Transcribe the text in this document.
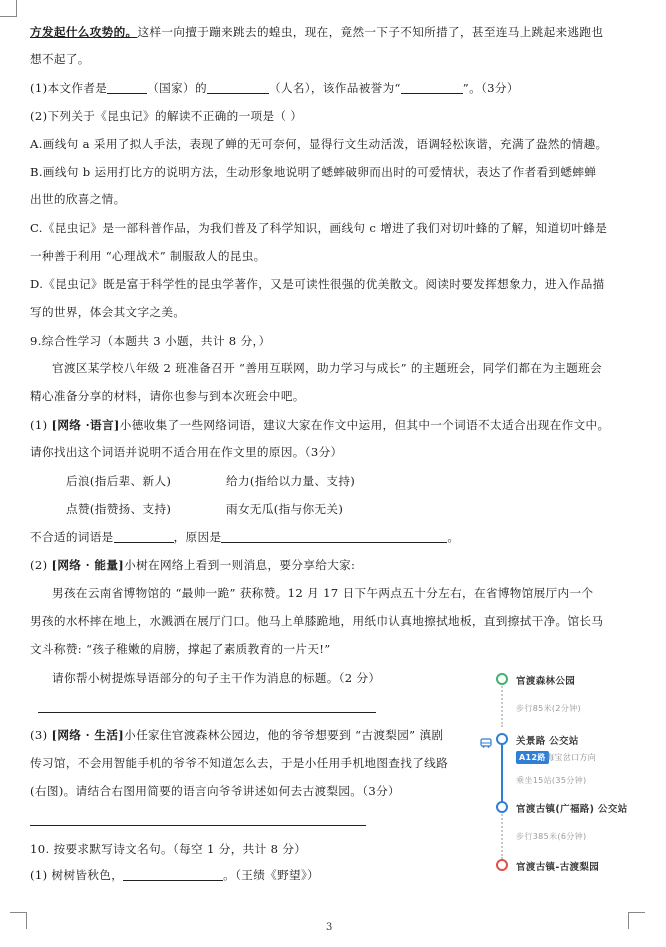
方发起什么攻势的。这样一向擅于蹦来跳去的蝗虫，现在，竟然一下子不知所措了，甚至连马上跳起来逃跑也
想不起了。
(1)本文作者是	（国家）的	（人名），该作品被誉为“	”。（3分）
(2)下列关于《昆虫记》的解读不正确的一项是（ ）
A.画线句 a 采用了拟人手法，表现了蝉的无可奈何，显得行文生动活泼，语调轻松诙谐，充满了盎然的情趣。
B.画线句 b 运用打比方的说明方法，生动形象地说明了蟋蟀破卵而出时的可爱情状，表达了作者看到蟋蟀蝉
出世的欣喜之情。
C.《昆虫记》是一部科普作品，为我们普及了科学知识，画线句 c 增进了我们对切叶蜂的了解，知道切叶蜂是
一种善于利用 “心理战术” 制服敌人的昆虫。
D.《昆虫记》既是富于科学性的昆虫学著作，又是可读性很强的优美散文。阅读时要发挥想象力，进入作品描
写的世界，体会其文字之美。
9.综合性学习（本题共 3 小题，共计 8 分，）
官渡区某学校八年级 2 班准备召开 “善用互联网，助力学习与成长” 的主题班会，同学们都在为主题班会
精心准备分享的材料，请你也参与到本次班会中吧。
(1) [网络 ·语言]小德收集了一些网络词语，建议大家在作文中运用，但其中一个词语不太适合出现在作文中。
请你找出这个词语并说明不适合用在作文里的原因。（3分）
后浪(指后辈、新人)	给力(指给以力量、支持)
点赞(指赞扬、支持)	雨女无瓜(指与你无关)
不合适的词语是	，原因是	。
(2) [网络 · 能量]小树在网络上看到一则消息，要分享给大家:
男孩在云南省博物馆的 “最帅一跪” 获称赞。12 月 17 日下午两点五十分左右，在省博物馆展厅内一个
男孩的水杯摔在地上，水溅洒在展厅门口。他马上单膝跪地，用纸巾认真地擦拭地板，直到擦拭干净。馆长马
文斗称赞: “孩子稚嫩的肩膀，撑起了素质教育的一片天!”
请你帮小树提炼导语部分的句子主干作为消息的标题。（2 分）
(3) [网络 · 生活]小任家住官渡森林公园边，他的爷爷想要到 “古渡梨园” 滇剧
传习馆，不会用智能手机的爷爷不知道怎么去，于是小任用手机地图查找了线路
(右图)。请结合右图用简要的语言向爷爷讲述如何去古渡梨园。（3分）
10. 按要求默写诗文名句。（每空 1 分，共计 8 分）
(1) 树树皆秋色，	。（王绩《野望》）
官渡森林公园
步行85米(2分钟)
关景路 公交站
A12路 海宝岔口方向
乘坐15站(35分钟)
官渡古镇(广福路) 公交站
步行385米(6分钟)
官渡古镇-古渡梨园
3
